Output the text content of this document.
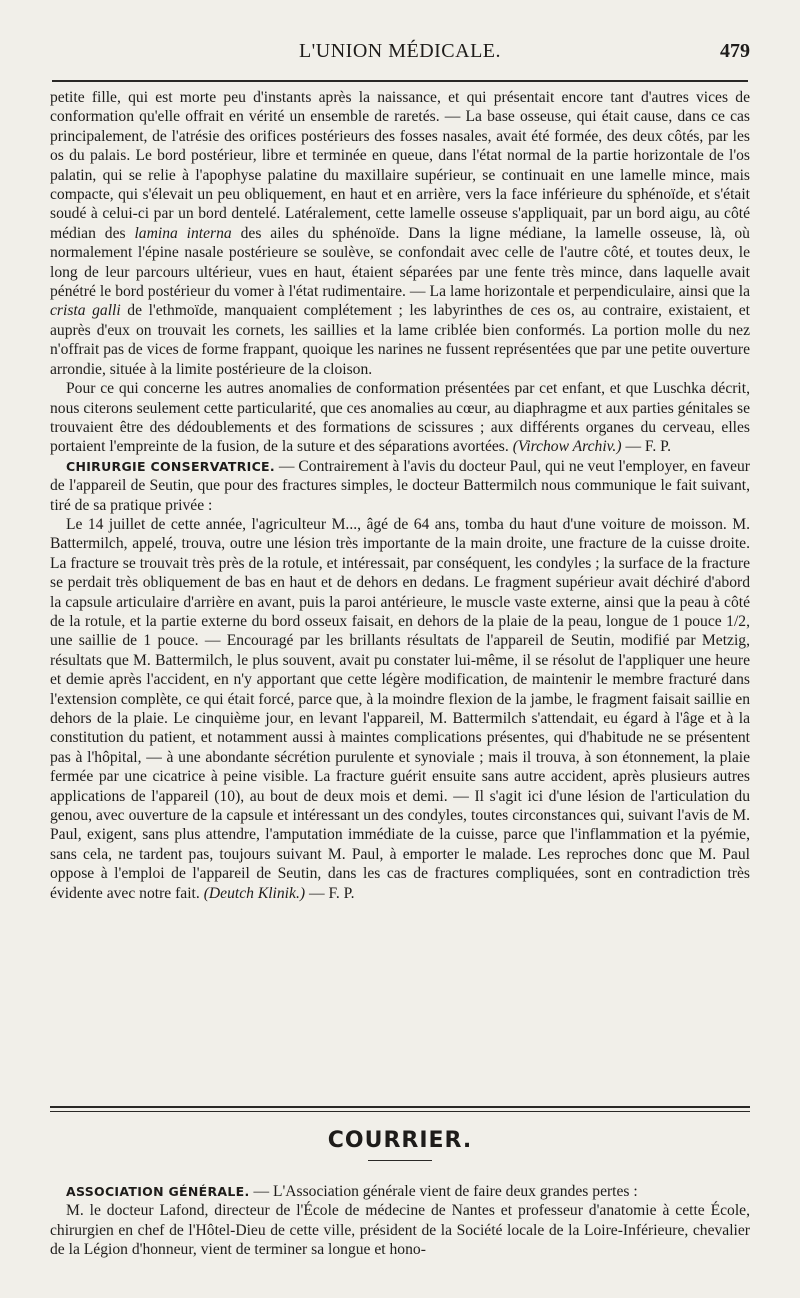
L'UNION MÉDICALE.	479

petite fille, qui est morte peu d'instants après la naissance, et qui présentait encore tant d'autres vices de conformation qu'elle offrait en vérité un ensemble de raretés. — La base osseuse, qui était cause, dans ce cas principalement, de l'atrésie des orifices postérieurs des fosses nasales, avait été formée, des deux côtés, par les os du palais. Le bord postérieur, libre et terminée en queue, dans l'état normal de la partie horizontale de l'os palatin, qui se relie à l'apophyse palatine du maxillaire supérieur, se continuait en une lamelle mince, mais compacte, qui s'élevait un peu obliquement, en haut et en arrière, vers la face inférieure du sphénoïde, et s'était soudé à celui-ci par un bord dentelé. Latéralement, cette lamelle osseuse s'appliquait, par un bord aigu, au côté médian des lamina interna des ailes du sphénoïde. Dans la ligne médiane, la lamelle osseuse, là, où normalement l'épine nasale postérieure se soulève, se confondait avec celle de l'autre côté, et toutes deux, le long de leur parcours ultérieur, vues en haut, étaient séparées par une fente très mince, dans laquelle avait pénétré le bord postérieur du vomer à l'état rudimentaire. — La lame horizontale et perpendiculaire, ainsi que la crista galli de l'ethmoïde, manquaient complétement ; les labyrinthes de ces os, au contraire, existaient, et auprès d'eux on trouvait les cornets, les saillies et la lame criblée bien conformés. La portion molle du nez n'offrait pas de vices de forme frappant, quoique les narines ne fussent représentées que par une petite ouverture arrondie, située à la limite postérieure de la cloison.

Pour ce qui concerne les autres anomalies de conformation présentées par cet enfant, et que Luschka décrit, nous citerons seulement cette particularité, que ces anomalies au cœur, au diaphragme et aux parties génitales se trouvaient être des dédoublements et des formations de scissures ; aux différents organes du cerveau, elles portaient l'empreinte de la fusion, de la suture et des séparations avortées. (Virchow Archiv.) — F. P.

CHIRURGIE CONSERVATRICE. — Contrairement à l'avis du docteur Paul, qui ne veut l'employer, en faveur de l'appareil de Seutin, que pour des fractures simples, le docteur Battermilch nous communique le fait suivant, tiré de sa pratique privée :

Le 14 juillet de cette année, l'agriculteur M..., âgé de 64 ans, tomba du haut d'une voiture de moisson. M. Battermilch, appelé, trouva, outre une lésion très importante de la main droite, une fracture de la cuisse droite. La fracture se trouvait très près de la rotule, et intéressait, par conséquent, les condyles ; la surface de la fracture se perdait très obliquement de bas en haut et de dehors en dedans. Le fragment supérieur avait déchiré d'abord la capsule articulaire d'arrière en avant, puis la paroi antérieure, le muscle vaste externe, ainsi que la peau à côté de la rotule, et la partie externe du bord osseux faisait, en dehors de la plaie de la peau, longue de 1 pouce 1/2, une saillie de 1 pouce. — Encouragé par les brillants résultats de l'appareil de Seutin, modifié par Metzig, résultats que M. Battermilch, le plus souvent, avait pu constater lui-même, il se résolut de l'appliquer une heure et demie après l'accident, en n'y apportant que cette légère modification, de maintenir le membre fracturé dans l'extension complète, ce qui était forcé, parce que, à la moindre flexion de la jambe, le fragment faisait saillie en dehors de la plaie. Le cinquième jour, en levant l'appareil, M. Battermilch s'attendait, eu égard à l'âge et à la constitution du patient, et notamment aussi à maintes complications présentes, qui d'habitude ne se présentent pas à l'hôpital, — à une abondante sécrétion purulente et synoviale ; mais il trouva, à son étonnement, la plaie fermée par une cicatrice à peine visible. La fracture guérit ensuite sans autre accident, après plusieurs autres applications de l'appareil (10), au bout de deux mois et demi. — Il s'agit ici d'une lésion de l'articulation du genou, avec ouverture de la capsule et intéressant un des condyles, toutes circonstances qui, suivant l'avis de M. Paul, exigent, sans plus attendre, l'amputation immédiate de la cuisse, parce que l'inflammation et la pyémie, sans cela, ne tardent pas, toujours suivant M. Paul, à emporter le malade. Les reproches donc que M. Paul oppose à l'emploi de l'appareil de Seutin, dans les cas de fractures compliquées, sont en contradiction très évidente avec notre fait. (Deutch Klinik.) — F. P.

COURRIER.

ASSOCIATION GÉNÉRALE. — L'Association générale vient de faire deux grandes pertes :

M. le docteur Lafond, directeur de l'École de médecine de Nantes et professeur d'anatomie à cette École, chirurgien en chef de l'Hôtel-Dieu de cette ville, président de la Société locale de la Loire-Inférieure, chevalier de la Légion d'honneur, vient de terminer sa longue et hono-
